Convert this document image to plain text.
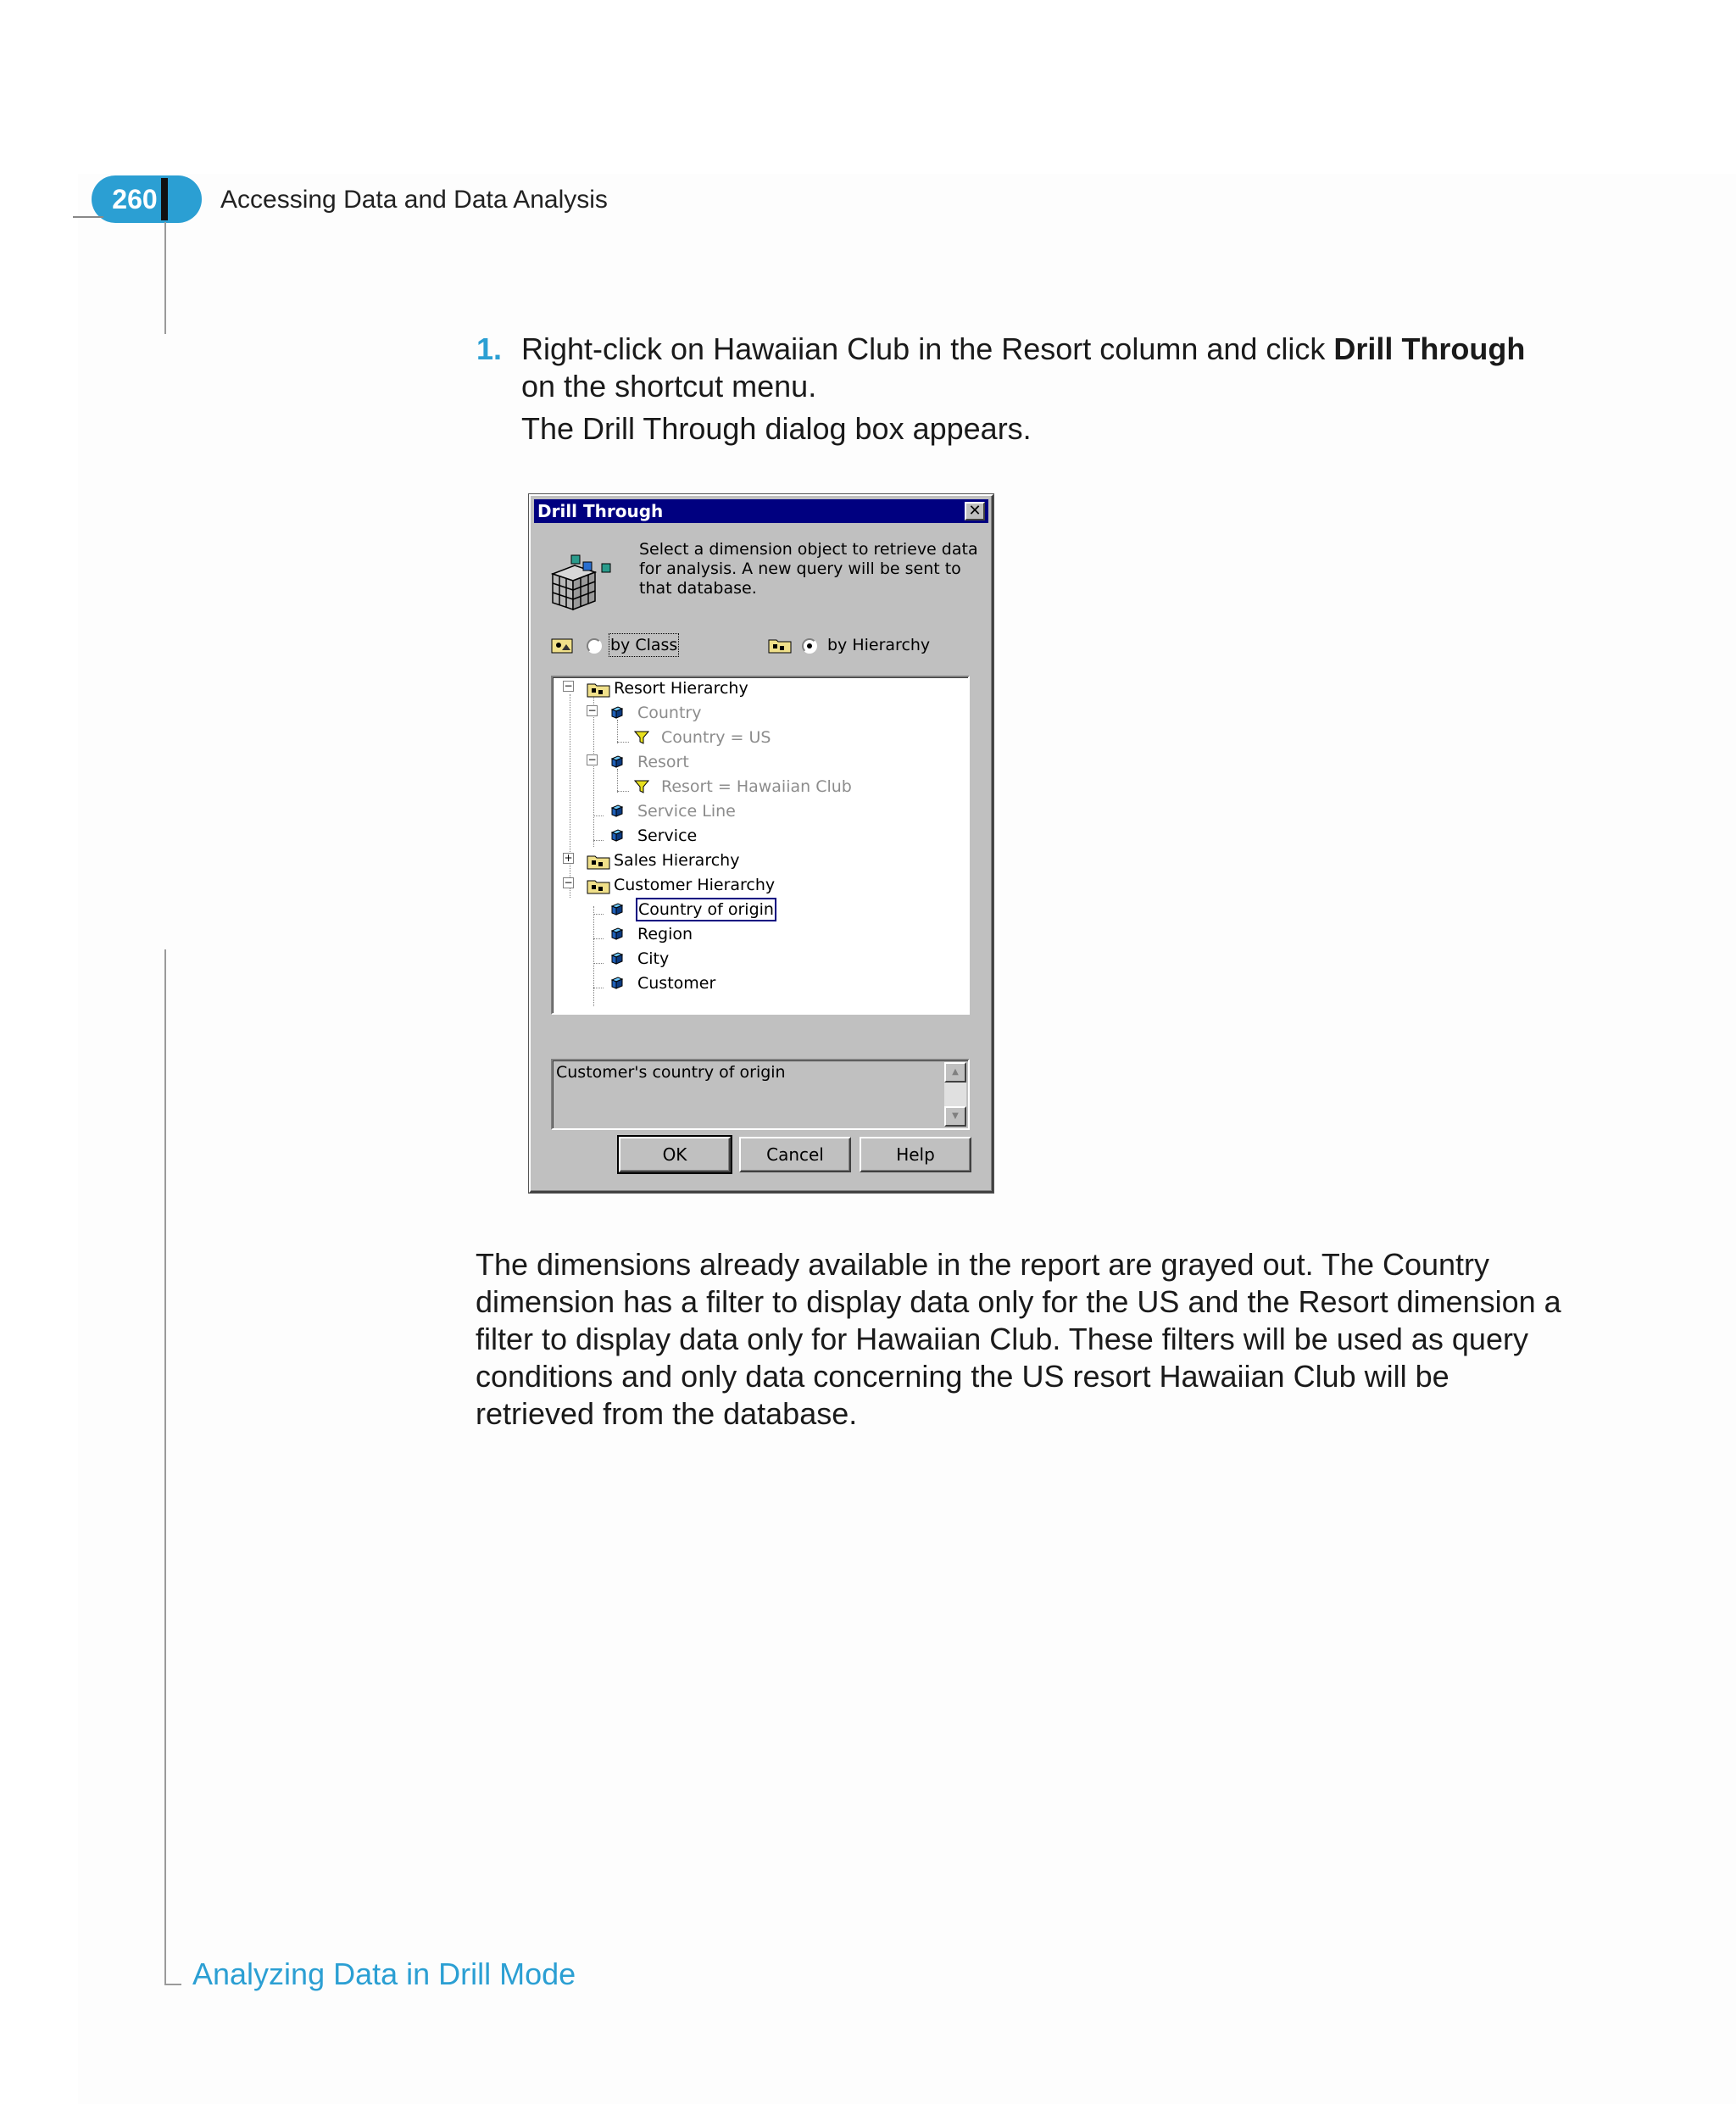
260 Accessing Data and Data Analysis
Analyzing Data in Drill Mode
1. Right-click on Hawaiian Club in the Resort column and click Drill Through on the shortcut menu.
The Drill Through dialog box appears.
Drill Through	✕
Select a dimension object to retrieve data for analysis. A new query will be sent to that database.
by Class	by Hierarchy
−
−
−
+
−
Resort Hierarchy
Country
Country = US
Resort
Resort = Hawaiian Club
Service Line
Service
Sales Hierarchy
Customer Hierarchy
Country of origin
Region
City
Customer
Customer's country of origin	▲
▼
OK	Cancel	Help
The dimensions already available in the report are grayed out. The Country dimension has a filter to display data only for the US and the Resort dimension a filter to display data only for Hawaiian Club. These filters will be used as query conditions and only data concerning the US resort Hawaiian Club will be retrieved from the database.
